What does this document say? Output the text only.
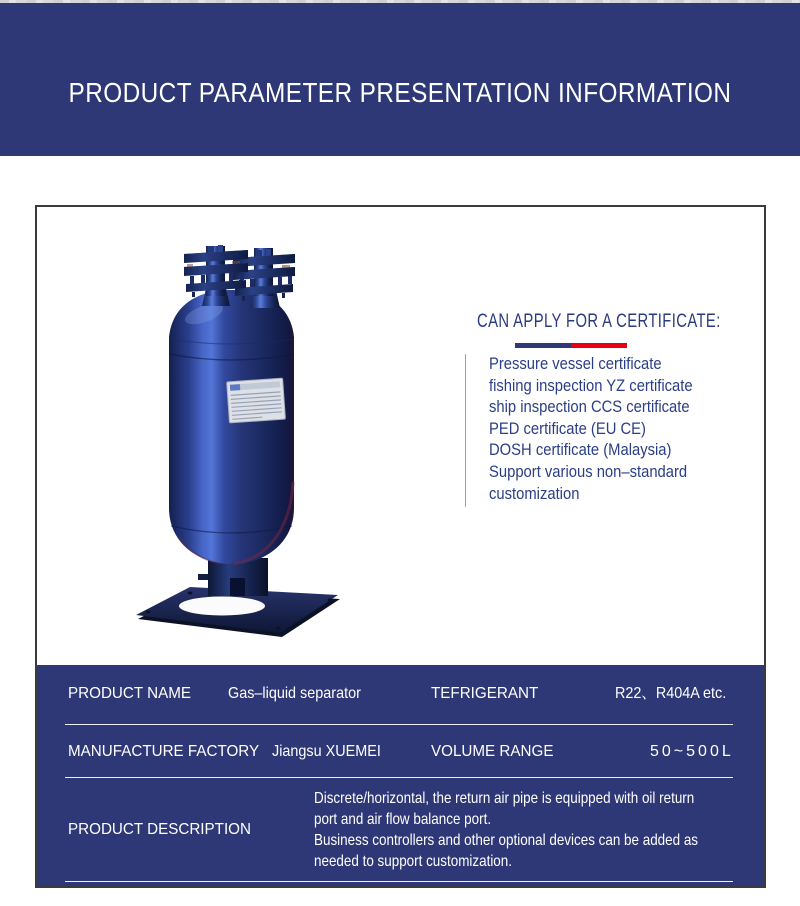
PRODUCT PARAMETER PRESENTATION INFORMATION
CAN APPLY FOR A CERTIFICATE:
Pressure vessel certificate
fishing inspection YZ certificate
ship inspection CCS certificate
PED certificate (EU CE)
DOSH certificate (Malaysia)
Support various non–standard
customization
PRODUCT NAME Gas–liquid separator	TEFRIGERANT	R22、R404A etc.
MANUFACTURE FACTORY Jiangsu XUEMEI	VOLUME RANGE	50~500L
PRODUCT DESCRIPTION
Discrete/horizontal, the return air pipe is equipped with oil return
port and air flow balance port.
Business controllers and other optional devices can be added as
needed to support customization.
